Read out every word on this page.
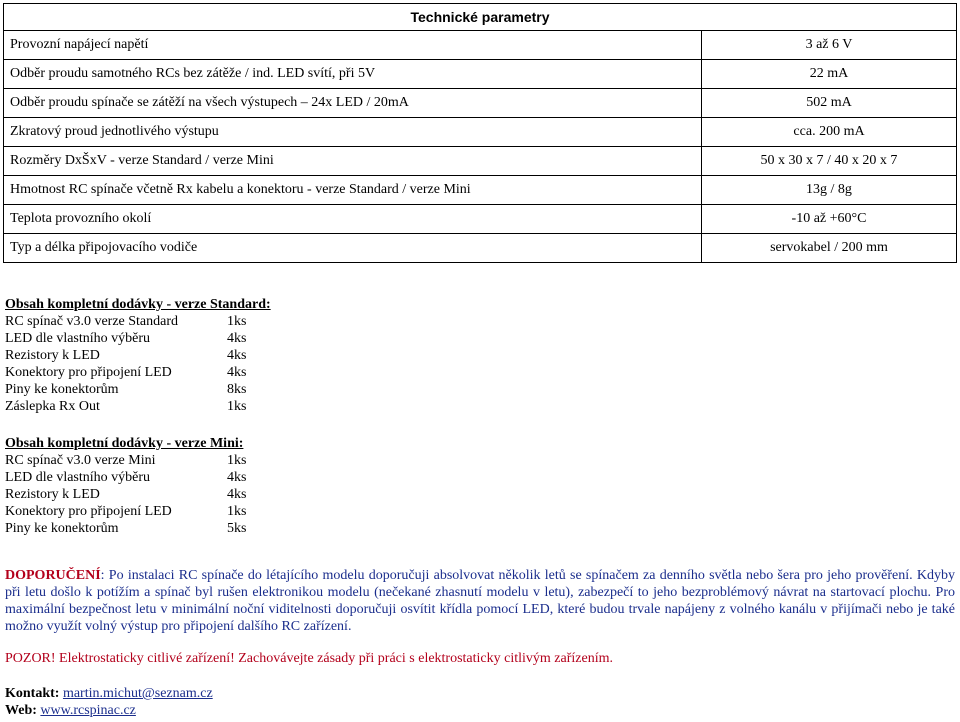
Technické parametry	
Provozní napájecí napětí	3 až 6 V
Odběr proudu samotného RCs bez zátěže / ind. LED svítí, při 5V	22 mA
Odběr proudu spínače se zátěží na všech výstupech – 24x LED / 20mA	502 mA
Zkratový proud jednotlivého výstupu	cca. 200 mA
Rozměry DxŠxV - verze Standard / verze Mini	50 x 30 x 7 / 40 x 20 x 7
Hmotnost RC spínače včetně Rx kabelu a konektoru - verze Standard / verze Mini	13g / 8g
Teplota provozního okolí	-10 až +60°C
Typ a délka připojovacího vodiče	servokabel / 200 mm
Obsah kompletní dodávky - verze Standard:
RC spínač v3.0 verze Standard	1ks
LED dle vlastního výběru	4ks
Rezistory k LED	4ks
Konektory pro připojení LED	4ks
Piny ke konektorům	8ks
Záslepka Rx Out	1ks
Obsah kompletní dodávky - verze Mini:
RC spínač v3.0 verze Mini	1ks
LED dle vlastního výběru	4ks
Rezistory k LED	4ks
Konektory pro připojení LED	1ks
Piny ke konektorům	5ks
DOPORUČENÍ: Po instalaci RC spínače do létajícího modelu doporučuji absolvovat několik letů se spínačem za denního světla nebo šera pro jeho prověření. Kdyby při letu došlo k potížím a spínač byl rušen elektronikou modelu (nečekané zhasnutí modelu v letu), zabezpečí to jeho bezproblémový návrat na startovací plochu. Pro maximální bezpečnost letu v minimální noční viditelnosti doporučuji osvítit křídla pomocí LED, které budou trvale napájeny z volného kanálu v přijímači nebo je také možno využít volný výstup pro připojení dalšího RC zařízení.
POZOR! Elektrostaticky citlivé zařízení! Zachovávejte zásady při práci s elektrostaticky citlivým zařízením.
Kontakt: martin.michut@seznam.cz
Web: www.rcspinac.cz
